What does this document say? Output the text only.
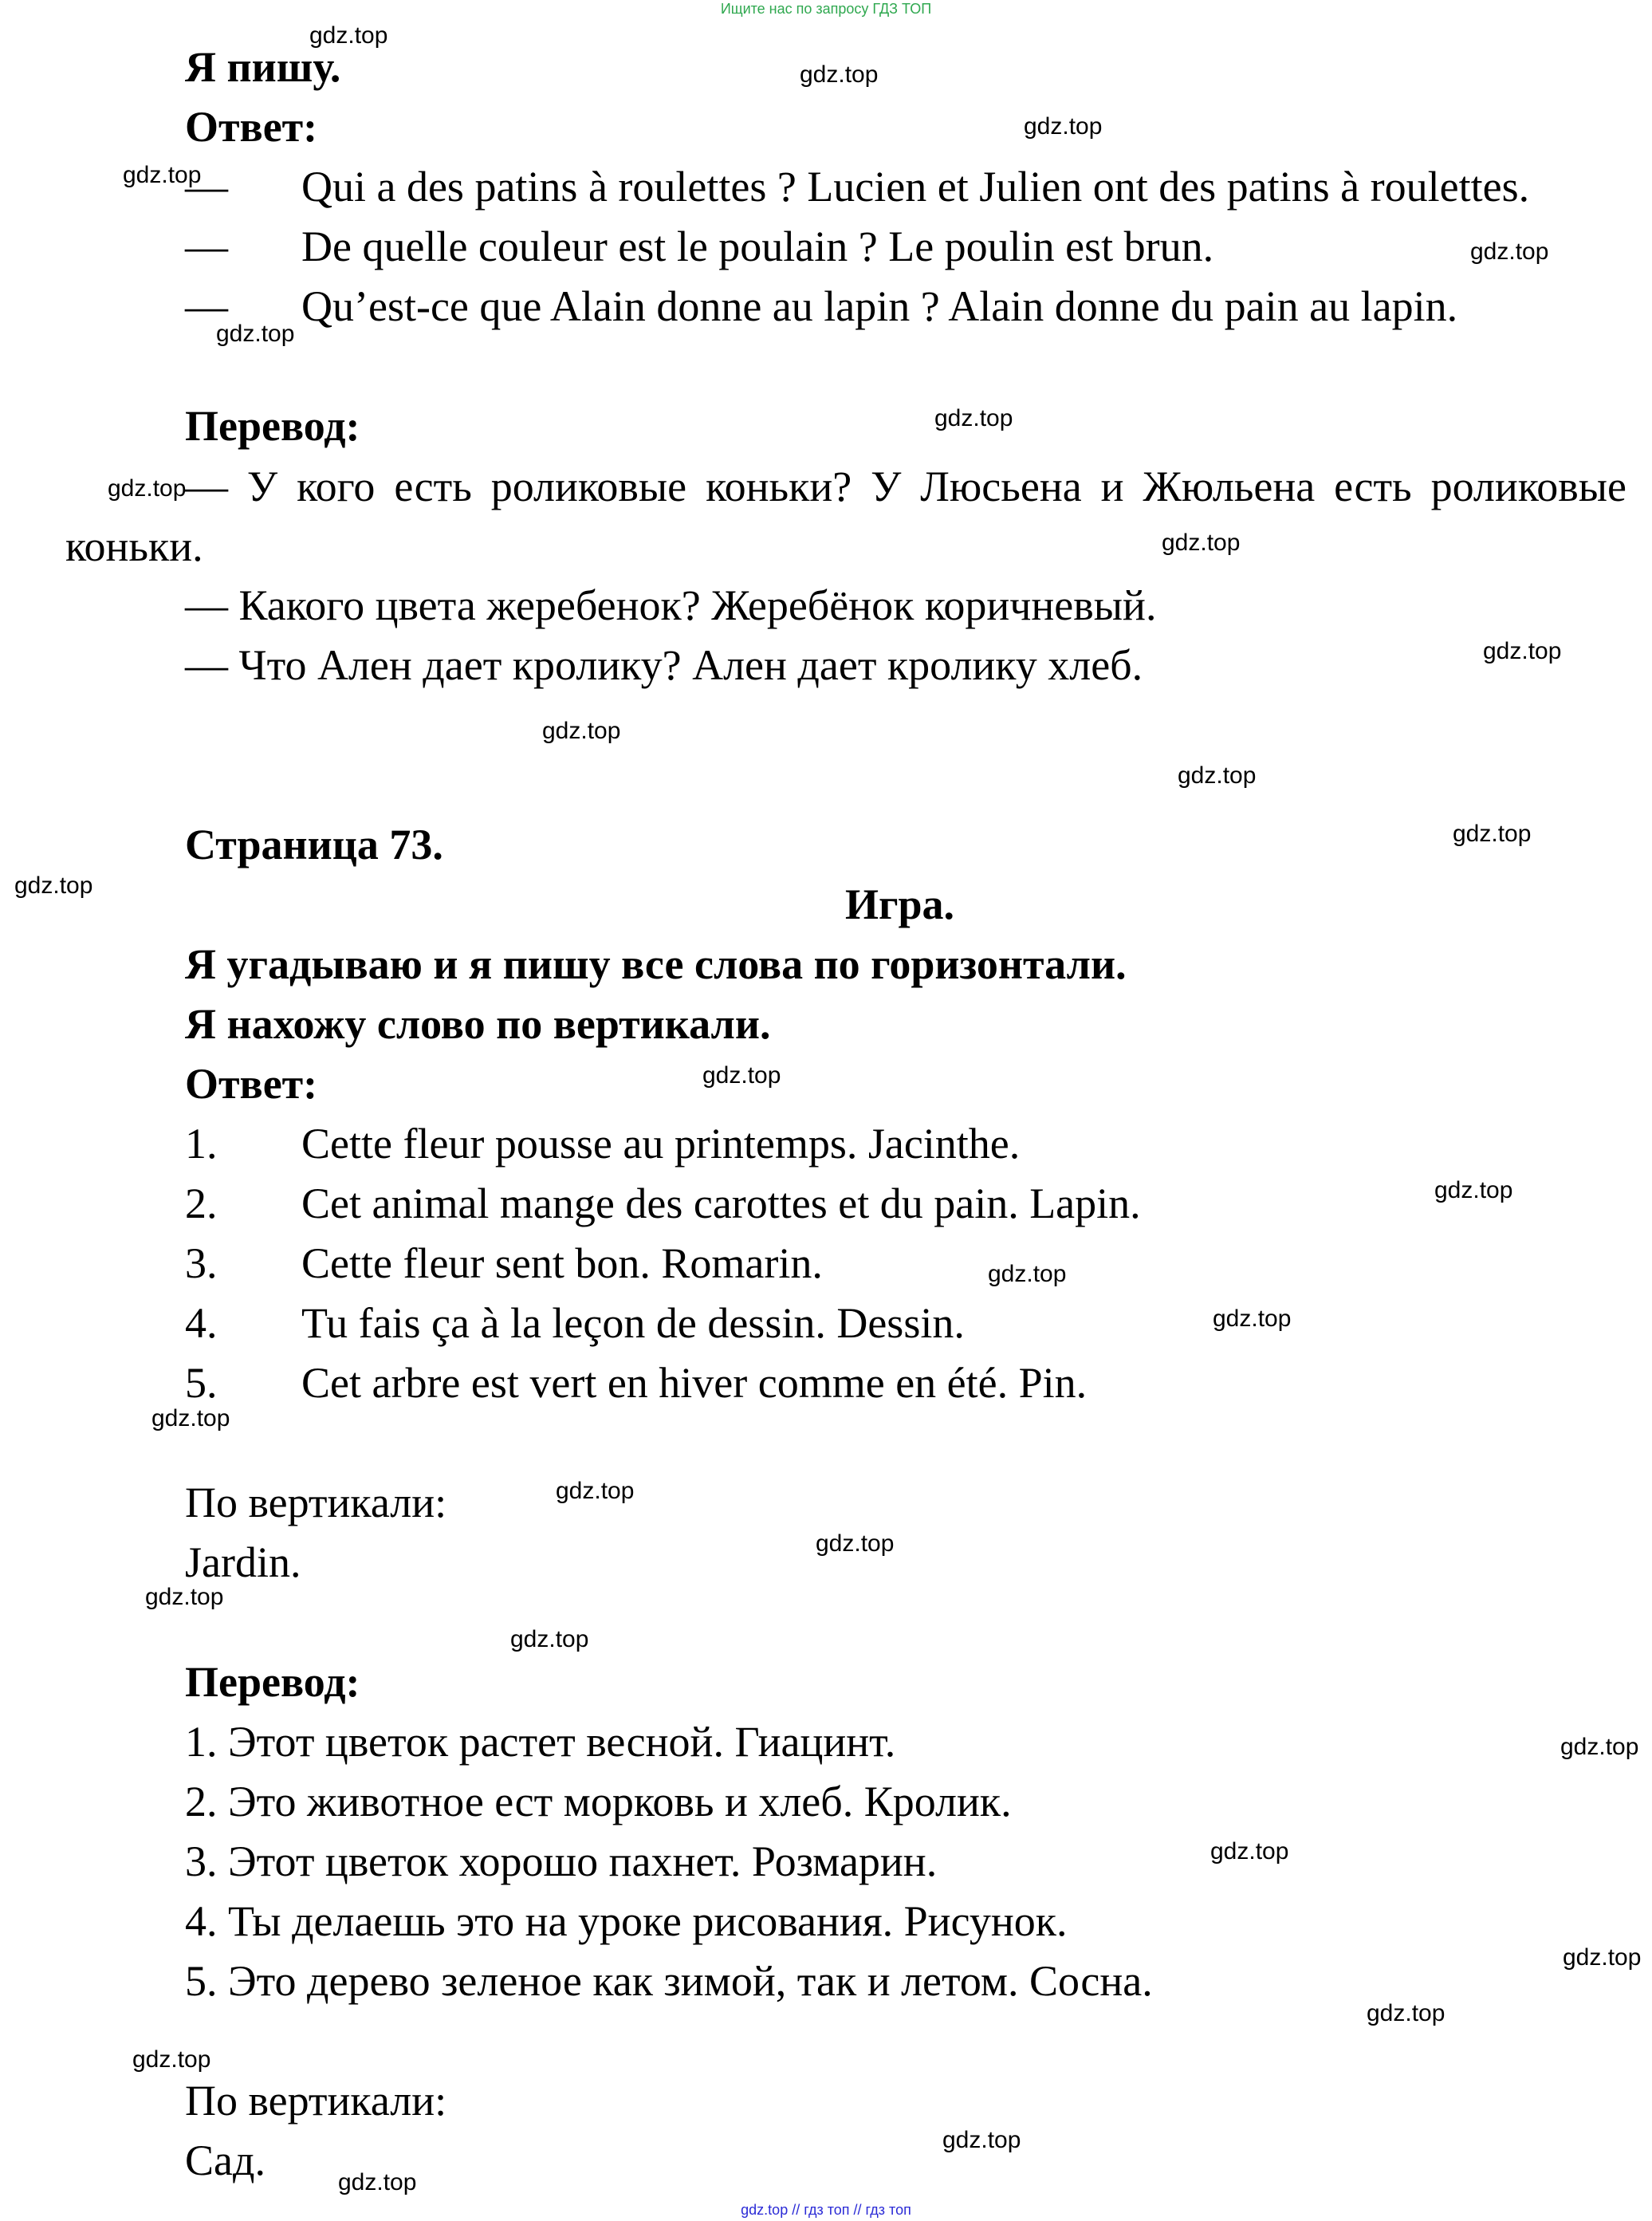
Ищите нас по запросу ГДЗ ТОП
Я пишу.
Ответ:
— Qui a des patins à roulettes ? Lucien et Julien ont des patins à roulettes.
— De quelle couleur est le poulain ? Le poulin est brun.
— Qu’est-ce que Alain donne au lapin ? Alain donne du pain au lapin.
Перевод:
— У кого есть роликовые коньки? У Люсьена и Жюльена есть роликовые коньки.
— Какого цвета жеребенок? Жеребёнок коричневый.
— Что Ален дает кролику? Ален дает кролику хлеб.
Страница 73.
Игра.
Я угадываю и я пишу все слова по горизонтали.
Я нахожу слово по вертикали.
Ответ:
1. Cette fleur pousse au printemps. Jacinthe.
2. Cet animal mange des carottes et du pain. Lapin.
3. Cette fleur sent bon. Romarin.
4. Tu fais ça à la leçon de dessin. Dessin.
5. Cet arbre est vert en hiver comme en été. Pin.
По вертикали:
Jardin.
Перевод:
1. Этот цветок растет весной. Гиацинт.
2. Это животное ест морковь и хлеб. Кролик.
3. Этот цветок хорошо пахнет. Розмарин.
4. Ты делаешь это на уроке рисования. Рисунок.
5. Это дерево зеленое как зимой, так и летом. Сосна.
По вертикали:
Сад.
gdz.top
gdz.top
gdz.top
gdz.top
gdz.top
gdz.top
gdz.top
gdz.top
gdz.top
gdz.top
gdz.top
gdz.top
gdz.top
gdz.top
gdz.top
gdz.top
gdz.top
gdz.top
gdz.top
gdz.top
gdz.top
gdz.top
gdz.top
gdz.top
gdz.top
gdz.top
gdz.top
gdz.top
gdz.top
gdz.top
gdz.top // гдз топ // гдз топ
